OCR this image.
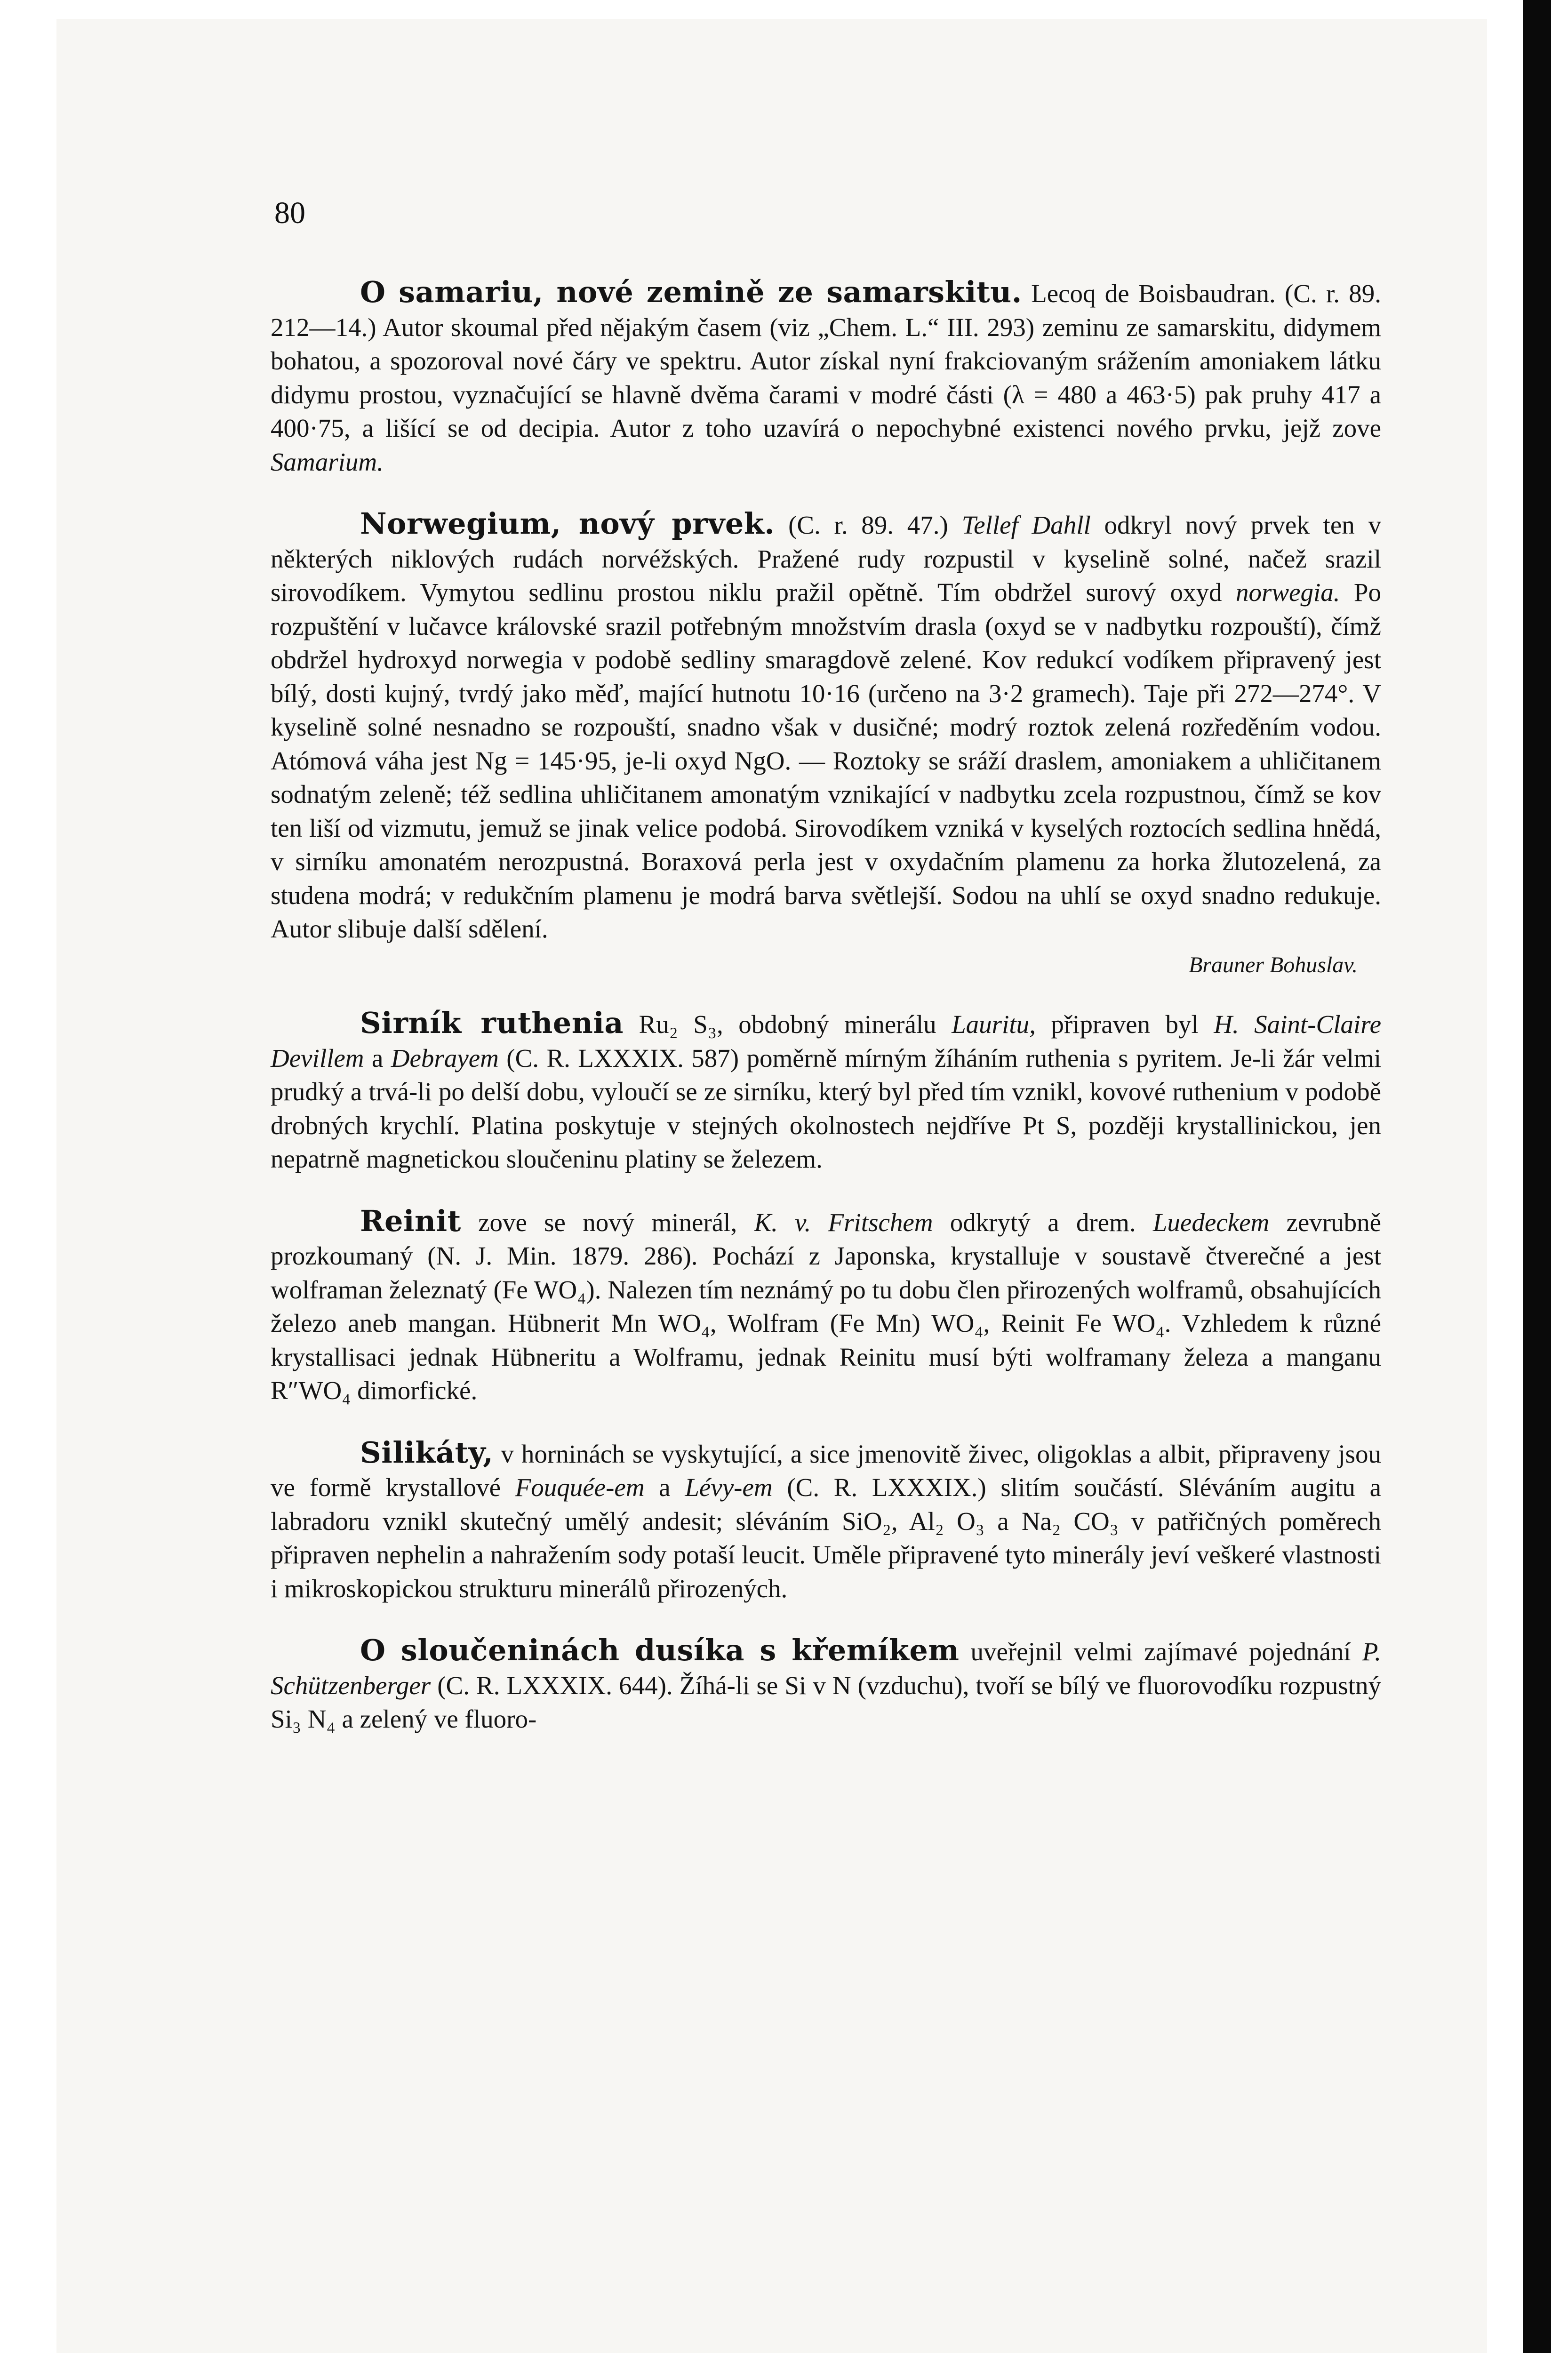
80

O samariu, nové zemině ze samarskitu. Lecoq de Boisbaudran. (C. r. 89. 212—14.) Autor skoumal před nějakým časem (viz „Chem. L.“ III. 293) zeminu ze samarskitu, didymem bohatou, a spozoroval nové čáry ve spektru. Autor získal nyní frakciovaným srážením amoniakem látku didymu prostou, vyznačující se hlavně dvěma čarami v modré části (λ = 480 a 463·5) pak pruhy 417 a 400·75, a lišící se od decipia. Autor z toho uzavírá o nepochybné existenci nového prvku, jejž zove Samarium.

Norwegium, nový prvek. (C. r. 89. 47.) Tellef Dahll odkryl nový prvek ten v některých niklových rudách norvéžských. Pražené rudy rozpustil v kyselině solné, načež srazil sirovodíkem. Vymytou sedlinu prostou niklu pražil opětně. Tím obdržel surový oxyd norwegia. Po rozpuštění v lučavce královské srazil potřebným množstvím drasla (oxyd se v nadbytku rozpouští), čímž obdržel hydroxyd norwegia v podobě sedliny smaragdově zelené. Kov redukcí vodíkem připravený jest bílý, dosti kujný, tvrdý jako měď, mající hutnotu 10·16 (určeno na 3·2 gramech). Taje při 272—274°. V kyselině solné nesnadno se rozpouští, snadno však v dusičné; modrý roztok zelená rozředěním vodou. Atómová váha jest Ng = 145·95, je-li oxyd NgO. — Roztoky se sráží draslem, amoniakem a uhličitanem sodnatým zeleně; též sedlina uhličitanem amonatým vznikající v nadbytku zcela rozpustnou, čímž se kov ten liší od vizmutu, jemuž se jinak velice podobá. Sirovodíkem vzniká v kyselých roztocích sedlina hnědá, v sirníku amonatém nerozpustná. Boraxová perla jest v oxydačním plamenu za horka žlutozelená, za studena modrá; v redukčním plamenu je modrá barva světlejší. Sodou na uhlí se oxyd snadno redukuje. Autor slibuje další sdělení.

Brauner Bohuslav.

Sirník ruthenia Ru₂ S₃, obdobný minerálu Lauritu, připraven byl H. Saint-Claire Devillem a Debrayem (C. R. LXXXIX. 587) poměrně mírným žíháním ruthenia s pyritem. Je-li žár velmi prudký a trvá-li po delší dobu, vyloučí se ze sirníku, který byl před tím vznikl, kovové ruthenium v podobě drobných krychlí. Platina poskytuje v stejných okolnostech nejdříve Pt S, později krystallinickou, jen nepatrně magnetickou sloučeninu platiny se železem.

Reinit zove se nový minerál, K. v. Fritschem odkrytý a drem. Luedeckem zevrubně prozkoumaný (N. J. Min. 1879. 286). Pochází z Japonska, krystalluje v soustavě čtverečné a jest wolframan železnatý (Fe WO₄). Nalezen tím neznámý po tu dobu člen přirozených wolframů, obsahujících železo aneb mangan. Hübnerit Mn WO₄, Wolfram (Fe Mn) WO₄, Reinit Fe WO₄. Vzhledem k různé krystallisaci jednak Hübneritu a Wolframu, jednak Reinitu musí býti wolframany železa a manganu R″WO₄ dimorfické.

Silikáty, v horninách se vyskytující, a sice jmenovitě živec, oligoklas a albit, připraveny jsou ve formě krystallové Fouquée-em a Lévy-em (C. R. LXXXIX.) slitím součástí. Sléváním augitu a labradoru vznikl skutečný umělý andesit; sléváním SiO₂, Al₂ O₃ a Na₂ CO₃ v patřičných poměrech připraven nephelin a nahražením sody potaší leucit. Uměle připravené tyto minerály jeví veškeré vlastnosti i mikroskopickou strukturu minerálů přirozených.

O sloučeninách dusíka s křemíkem uveřejnil velmi zajímavé pojednání P. Schützenberger (C. R. LXXXIX. 644). Žíhá-li se Si v N (vzduchu), tvoří se bílý ve fluorovodíku rozpustný Si₃ N₄ a zelený ve fluoro-
